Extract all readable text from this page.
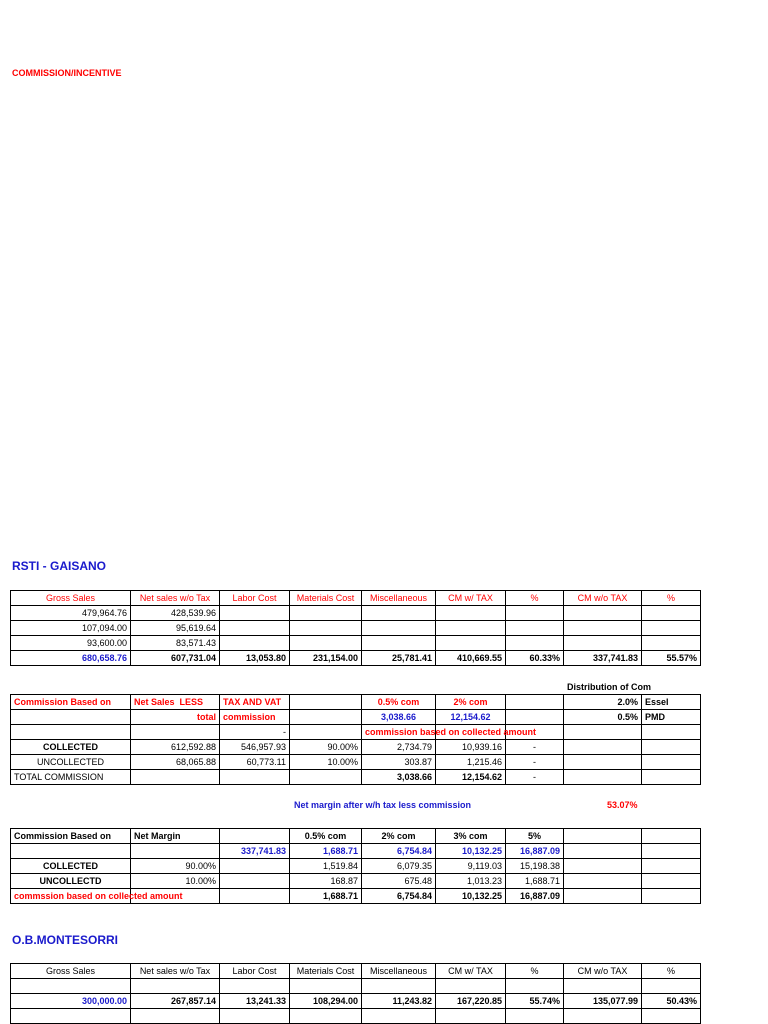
COMMISSION/INCENTIVE
RSTI - GAISANO
Gross Sales	Net sales w/o Tax	Labor Cost	Materials Cost	Miscellaneous	CM w/ TAX	%	CM w/o TAX	%
479,964.76	428,539.96							
107,094.00	95,619.64							
93,600.00	83,571.43							
680,658.76	607,731.04	13,053.80	231,154.00	25,781.41	410,669.55	60.33%	337,741.83	55.57%
Distribution of Com
Commission Based on	Net Sales LESS	TAX AND VAT		0.5% com	2% com		2.0%	Essel
	total	commission		3,038.66	12,154.62		0.5%	PMD
		-		commission based on collected amount				

COLLECTED	612,592.88	546,957.93	90.00%	2,734.79	10,939.16	-		
UNCOLLECTED	68,065.88	60,773.11	10.00%	303.87	1,215.46	-		
TOTAL COMMISSION				3,038.66	12,154.62	-		
Net margin after w/h tax less commission	53.07%
Commission Based on	Net Margin		0.5% com	2% com	3% com	5%		
		337,741.83	1,688.71	6,754.84	10,132.25	16,887.09		
COLLECTED	90.00%		1,519.84	6,079.35	9,119.03	15,198.38		
UNCOLLECTD	10.00%		168.87	675.48	1,013.23	1,688.71		

commssion based on collected amount			1,688.71	6,754.84	10,132.25	16,887.09		
O.B.MONTESORRI
Gross Sales	Net sales w/o Tax	Labor Cost	Materials Cost	Miscellaneous	CM w/ TAX	%	CM w/o TAX	%

300,000.00	267,857.14	13,241.33	108,294.00	11,243.82	167,220.85	55.74%	135,077.99	50.43%
